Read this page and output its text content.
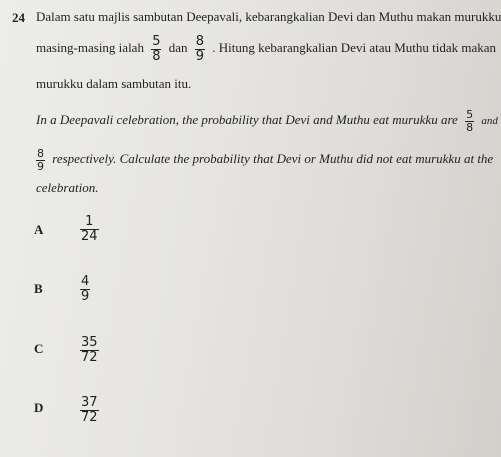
24 Dalam satu majlis sambutan Deepavali, kebarangkalian Devi dan Muthu makan murukku
masing-masing ialah $\frac{5}{8}$ dan $\frac{8}{9}$ . Hitung kebarangkalian Devi atau Muthu tidak makan
murukku dalam sambutan itu.
In a Deepavali celebration, the probability that Devi and Muthu eat murukku are $\frac{5}{8}$ and
$\frac{8}{9}$ respectively. Calculate the probability that Devi or Muthu did not eat murukku at the
celebration.
A	$\frac{1}{24}$
B	$\frac{4}{9}$
C	$\frac{35}{72}$
D	$\frac{37}{72}$
